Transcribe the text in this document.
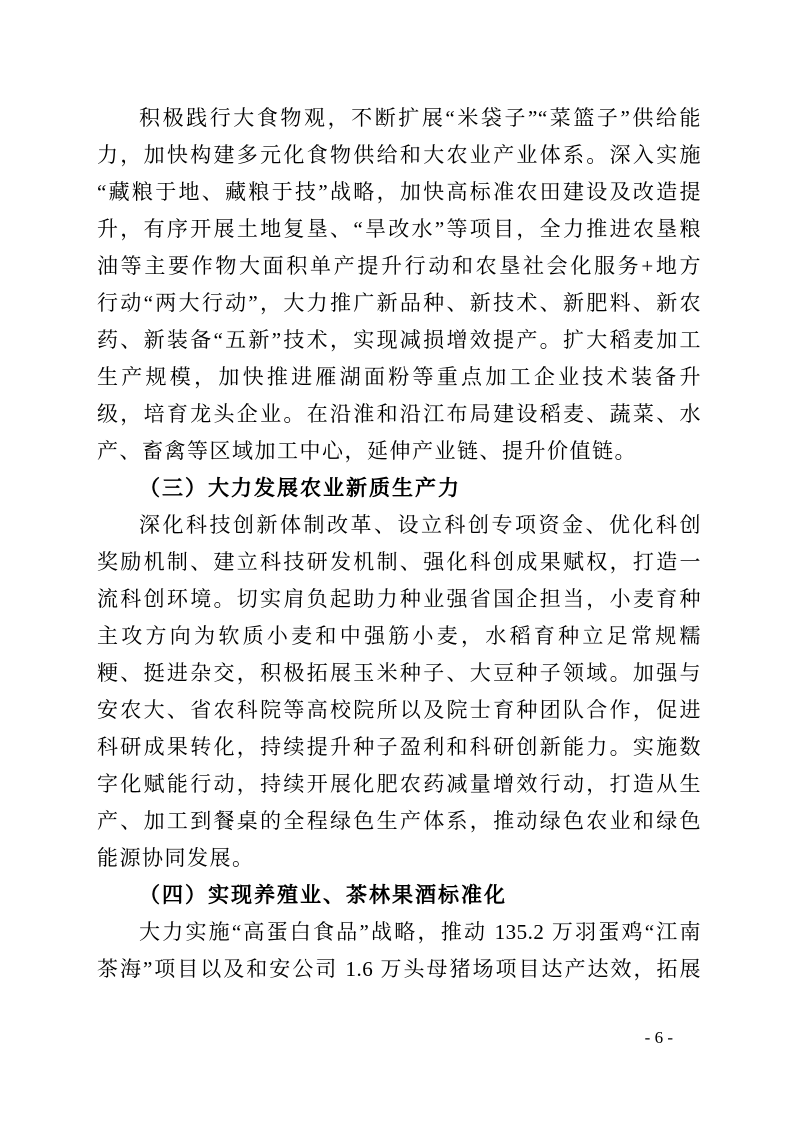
积极践行大食物观，不断扩展“米袋子”“菜篮子”供给能
力，加快构建多元化食物供给和大农业产业体系。深入实施
“藏粮于地、藏粮于技”战略，加快高标准农田建设及改造提
升，有序开展土地复垦、“旱改水”等项目，全力推进农垦粮
油等主要作物大面积单产提升行动和农垦社会化服务+地方
行动“两大行动”，大力推广新品种、新技术、新肥料、新农
药、新装备“五新”技术，实现减损增效提产。扩大稻麦加工
生产规模，加快推进雁湖面粉等重点加工企业技术装备升
级，培育龙头企业。在沿淮和沿江布局建设稻麦、蔬菜、水
产、畜禽等区域加工中心，延伸产业链、提升价值链。
（三）大力发展农业新质生产力
深化科技创新体制改革、设立科创专项资金、优化科创
奖励机制、建立科技研发机制、强化科创成果赋权，打造一
流科创环境。切实肩负起助力种业强省国企担当，小麦育种
主攻方向为软质小麦和中强筋小麦，水稻育种立足常规糯
粳、挺进杂交，积极拓展玉米种子、大豆种子领域。加强与
安农大、省农科院等高校院所以及院士育种团队合作，促进
科研成果转化，持续提升种子盈利和科研创新能力。实施数
字化赋能行动，持续开展化肥农药减量增效行动，打造从生
产、加工到餐桌的全程绿色生产体系，推动绿色农业和绿色
能源协同发展。
（四）实现养殖业、茶林果酒标准化
大力实施“高蛋白食品”战略，推动 135.2 万羽蛋鸡“江南
茶海”项目以及和安公司 1.6 万头母猪场项目达产达效，拓展
- 6 -
